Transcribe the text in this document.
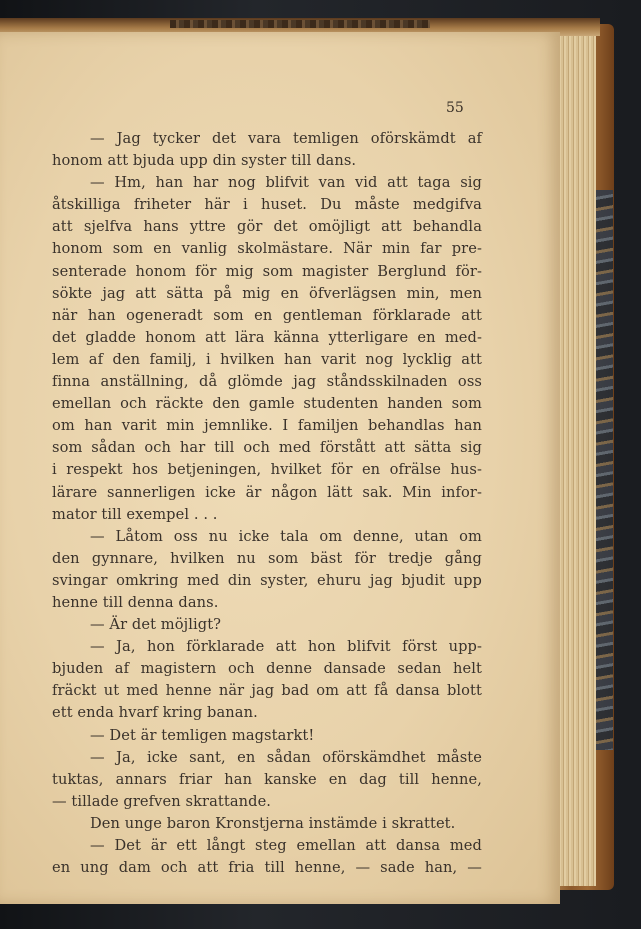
55
— Jag tycker det vara temligen oförskämdt af
honom att bjuda upp din syster till dans.
— Hm, han har nog blifvit van vid att taga sig
åtskilliga friheter här i huset. Du måste medgifva
att sjelfva hans yttre gör det omöjligt att behandla
honom som en vanlig skolmästare. När min far pre-
senterade honom för mig som magister Berglund för-
sökte jag att sätta på mig en öfverlägsen min, men
när han ogeneradt som en gentleman förklarade att
det gladde honom att lära känna ytterligare en med-
lem af den familj, i hvilken han varit nog lycklig att
finna anställning, då glömde jag ståndsskilnaden oss
emellan och räckte den gamle studenten handen som
om han varit min jemnlike. I familjen behandlas han
som sådan och har till och med förstått att sätta sig
i respekt hos betjeningen, hvilket för en ofrälse hus-
lärare sannerligen icke är någon lätt sak. Min infor-
mator till exempel . . .
— Låtom oss nu icke tala om denne, utan om
den gynnare, hvilken nu som bäst för tredje gång
svingar omkring med din syster, ehuru jag bjudit upp
henne till denna dans.
— Är det möjligt?
— Ja, hon förklarade att hon blifvit först upp-
bjuden af magistern och denne dansade sedan helt
fräckt ut med henne när jag bad om att få dansa blott
ett enda hvarf kring banan.
— Det är temligen magstarkt!
— Ja, icke sant, en sådan oförskämdhet måste
tuktas, annars friar han kanske en dag till henne,
— tillade grefven skrattande.
Den unge baron Kronstjerna instämde i skrattet.
— Det är ett långt steg emellan att dansa med
en ung dam och att fria till henne, — sade han, —
